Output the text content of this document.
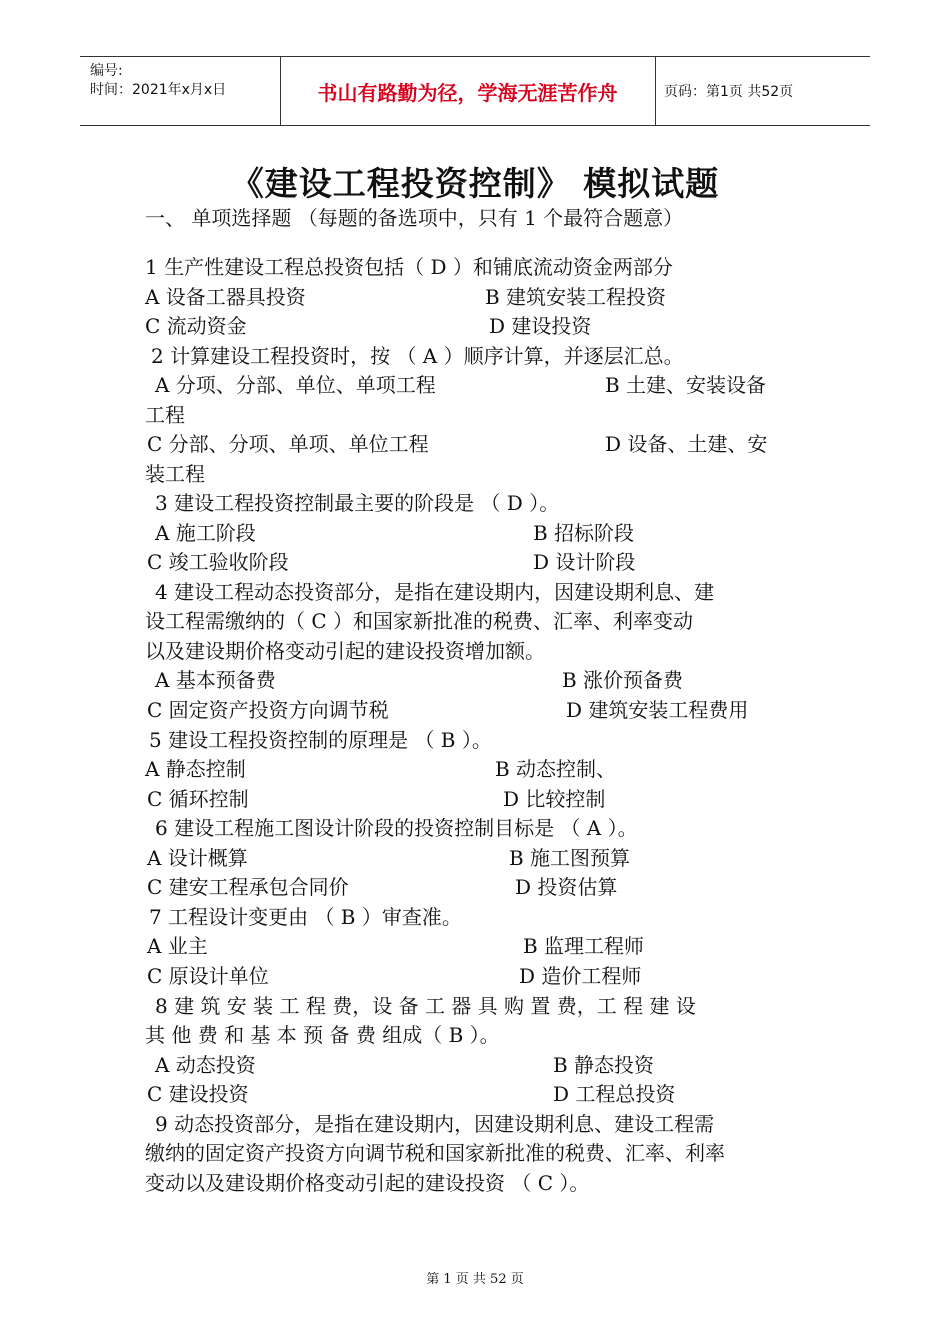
编号:
时间：2021年x月x日	书山有路勤为径，学海无涯苦作舟	页码：第1页 共52页
《建设工程投资控制》 模拟试题
一、 单项选择题 （每题的备选项中，只有 1 个最符合题意）
1 生产性建设工程总投资包括（ D ）和铺底流动资金两部分
A 设备工器具投资	B 建筑安装工程投资
C 流动资金	D 建设投资
2 计算建设工程投资时，按 （ A ）顺序计算，并逐层汇总。
A 分项、分部、单位、单项工程	B 土建、安装设备
工程
C 分部、分项、单项、单位工程	D 设备、土建、安
装工程
3 建设工程投资控制最主要的阶段是 （ D ）。
A 施工阶段	B 招标阶段
C 竣工验收阶段	D 设计阶段
4 建设工程动态投资部分，是指在建设期内，因建设期利息、建
设工程需缴纳的（ C ）和国家新批准的税费、汇率、利率变动
以及建设期价格变动引起的建设投资增加额。
A 基本预备费	B 涨价预备费
C 固定资产投资方向调节税	D 建筑安装工程费用
5 建设工程投资控制的原理是 （ B ）。
A 静态控制	B 动态控制、
C 循环控制	D 比较控制
6 建设工程施工图设计阶段的投资控制目标是 （ A ）。
A 设计概算	B 施工图预算
C 建安工程承包合同价	D 投资估算
7 工程设计变更由 （ B ）审查准。
A 业主	B 监理工程师
C 原设计单位	D 造价工程师
8 建 筑 安 装 工 程 费，设 备 工 器 具 购 置 费，工 程 建 设
其 他 费 和 基 本 预 备 费 组成（ B ）。
A 动态投资	B 静态投资
C 建设投资	D 工程总投资
9 动态投资部分，是指在建设期内，因建设期利息、建设工程需
缴纳的固定资产投资方向调节税和国家新批准的税费、汇率、利率
变动以及建设期价格变动引起的建设投资 （ C ）。
第 1 页 共 52 页
